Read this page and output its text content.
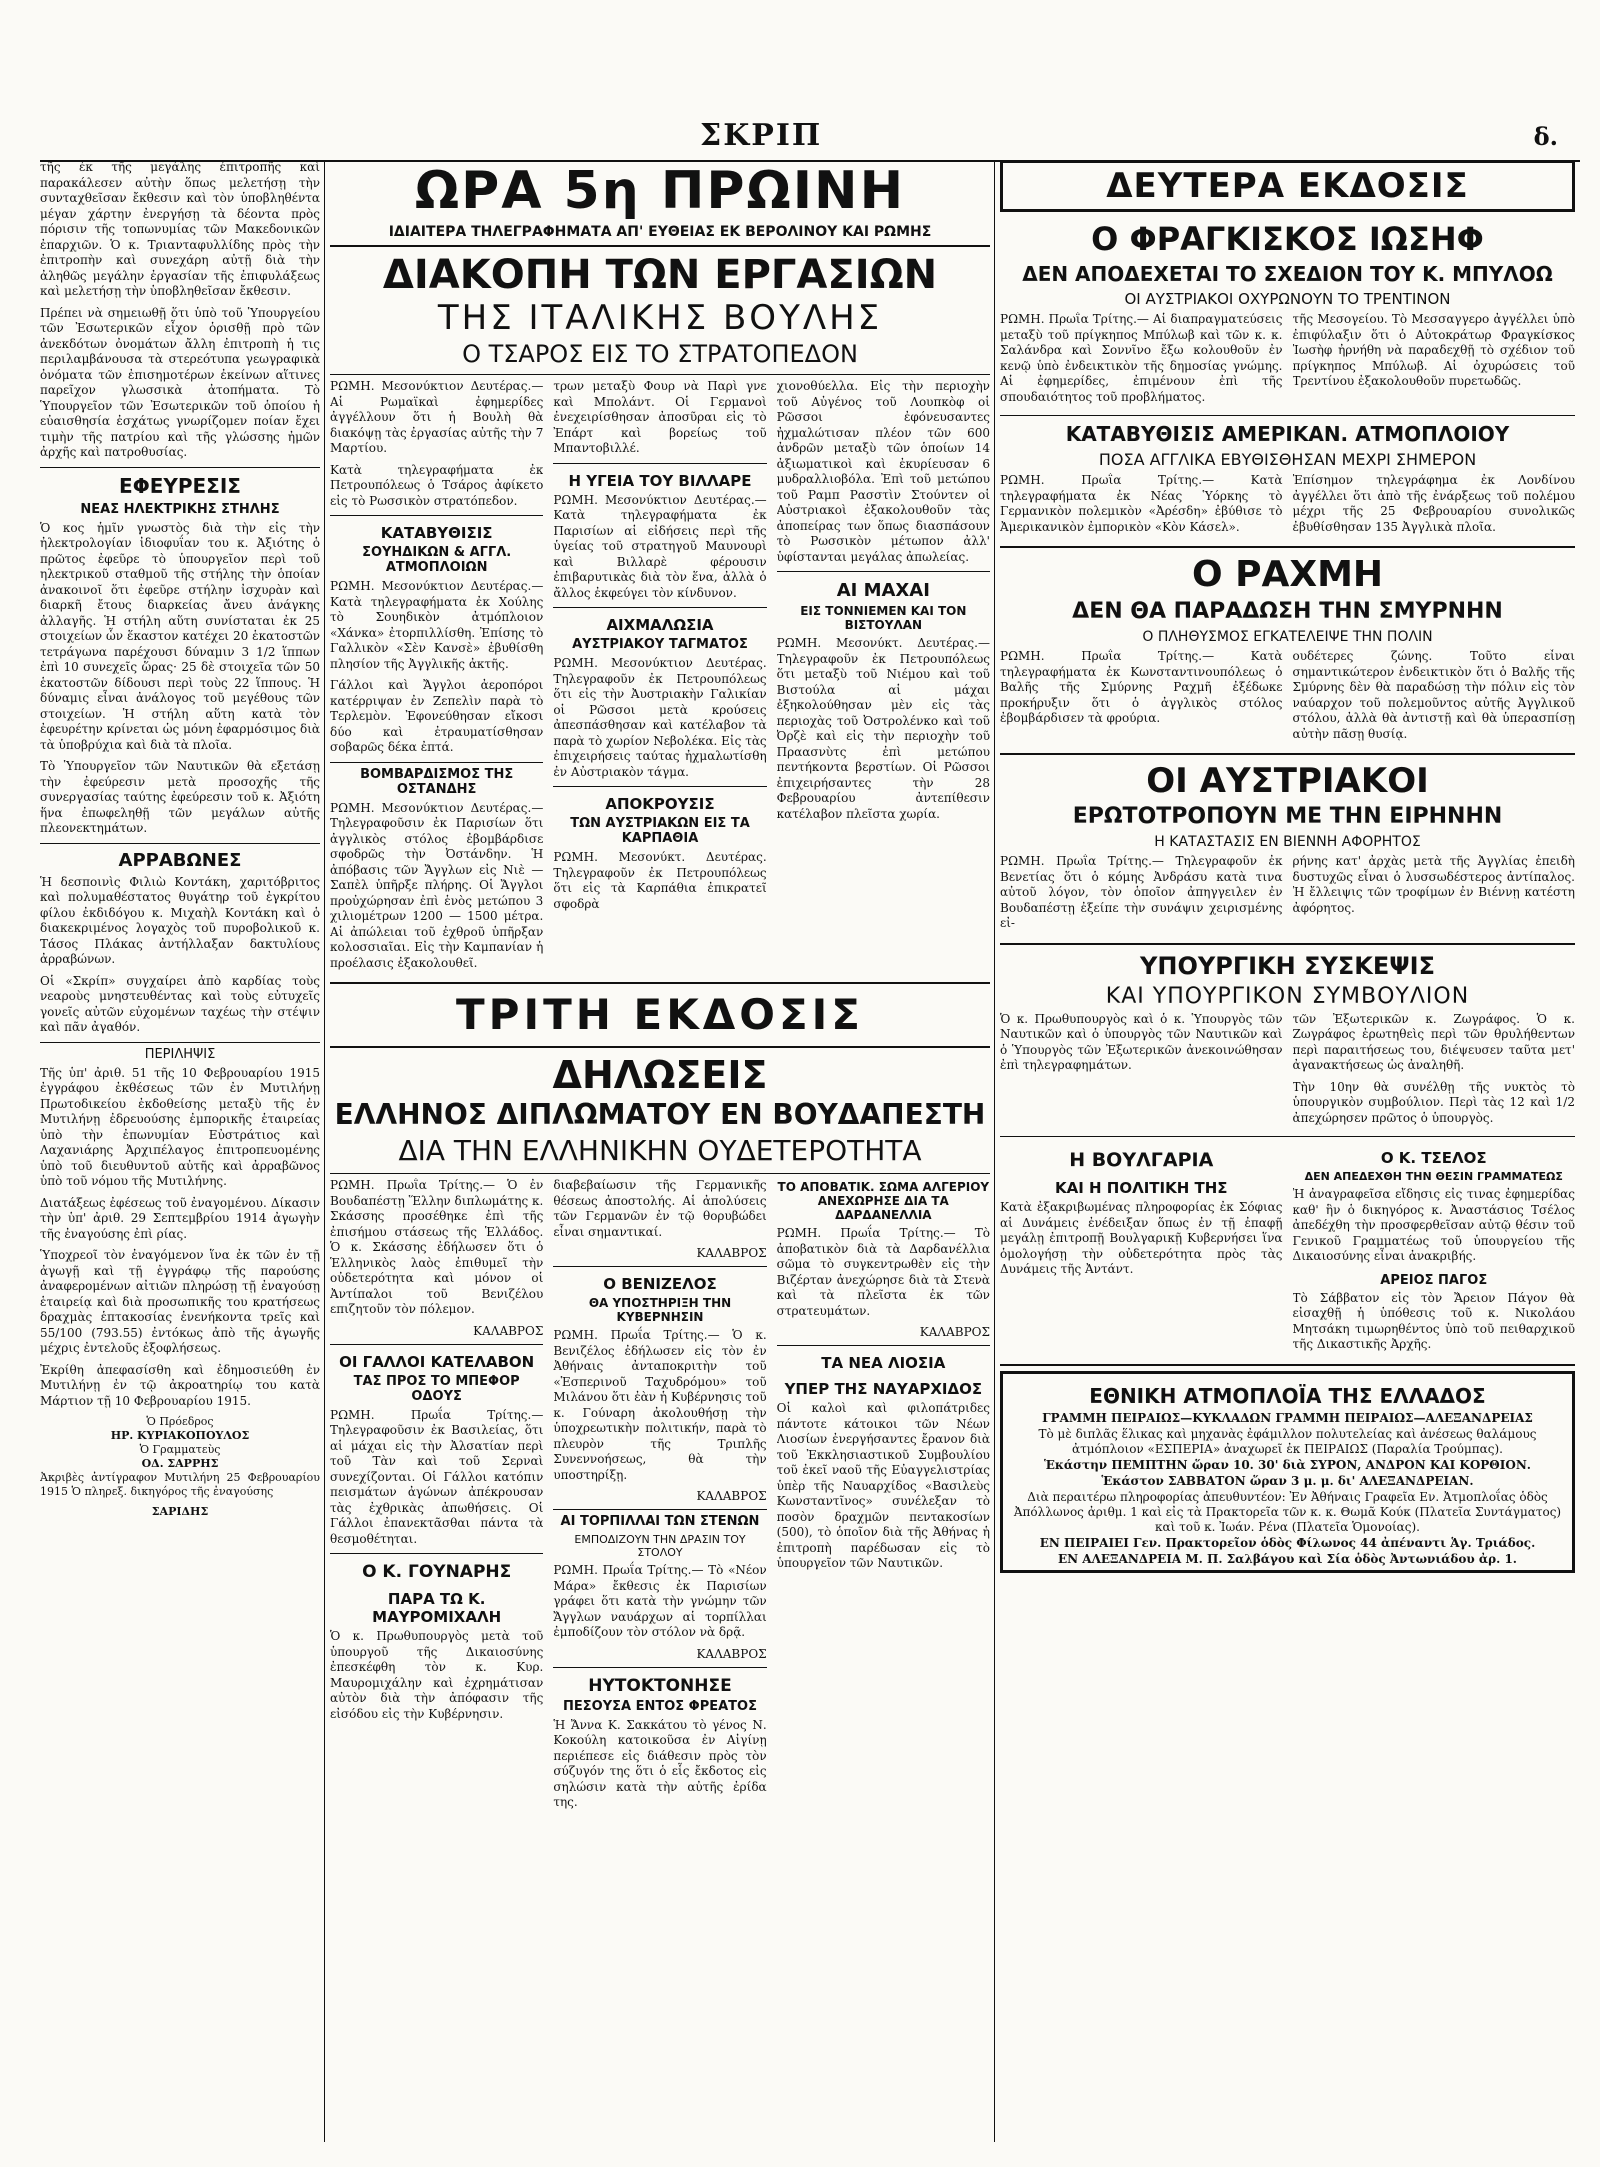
ΣΚΡΙΠ	δ.

τῆς ἐκ τῆς μεγάλης ἐπιτροπῆς καὶ παρακάλεσεν αὐτὴν ὅπως μελετήσῃ τὴν συνταχθεῖσαν ἔκθεσιν καὶ τὸν ὑποβληθέντα μέγαν χάρτην ἐνεργήσῃ τὰ δέοντα πρὸς πόρισιν τῆς τοπωνυμίας τῶν Μακεδονικῶν ἐπαρχιῶν. Ὁ κ. Τριανταφυλλίδης πρὸς τὴν ἐπιτροπὴν καὶ συνεχάρη αὐτῇ διὰ τὴν ἀληθῶς μεγάλην ἐργασίαν τῆς ἐπιφυλάξεως καὶ μελετήσῃ τὴν ὑποβληθεῖσαν ἔκθεσιν.

Πρέπει νὰ σημειωθῇ ὅτι ὑπὸ τοῦ Ὑπουργείου τῶν Ἐσωτερικῶν εἶχον ὁρισθῇ πρὸ τῶν ἀνεκδότων ὀνομάτων ἄλλη ἐπιτροπὴ ἡ τις περιλαμβάνουσα τὰ στερεότυπα γεωγραφικὰ ὀνόματα τῶν ἐπισημοτέρων ἐκείνων αἵτινες παρεῖχον γλωσσικὰ ἀτοπήματα. Τὸ Ὑπουργεῖον τῶν Ἐσωτερικῶν τοῦ ὁποίου ἡ εὐαισθησία ἐσχάτως γνωρίζομεν ποίαν ἔχει τιμὴν τῆς πατρίου καὶ τῆς γλώσσης ἠμῶν ἀρχῆς καὶ πατροθυσίας.

ΕΦΕΥΡΕΣΙΣ
ΝΕΑΣ ΗΛΕΚΤΡΙΚΗΣ ΣΤΗΛΗΣ

Ὁ κος ἡμῖν γνωστὸς διὰ τὴν εἰς τὴν ἠλεκτρολογίαν ἰδιοφυΐαν του κ. Ἀξιότης ὁ πρῶτος ἐφεῦρε τὸ ὑπουργεῖον περὶ τοῦ ηλεκτρικοῦ σταθμοῦ τῆς στήλης τὴν ὁποίαν ἀνακοινοῖ ὅτι ἐφεῦρε στήλην ἰσχυρὰν καὶ διαρκῆ ἔτους διαρκείας ἄνευ ἀνάγκης ἀλλαγῆς. Ἡ στήλη αὕτη συνίσταται ἐκ 25 στοιχείων ὧν ἕκαστον κατέχει 20 ἑκατοστῶν τετράγωνα παρέχουσι δύναμιν 3 1/2 ἵππων ἐπὶ 10 συνεχεῖς ὥρας· 25 δὲ στοιχεῖα τῶν 50 ἑκατοστῶν δίδουσι περὶ τοὺς 22 ἵππους. Ἡ δύναμις εἶναι ἀνάλογος τοῦ μεγέθους τῶν στοιχείων. Ἡ στήλη αὕτη κατὰ τὸν ἐφευρέτην κρίνεται ὡς μόνη ἐφαρμόσιμος διὰ τὰ ὑποβρύχια καὶ διὰ τὰ πλοῖα.

Τὸ Ὑπουργεῖον τῶν Ναυτικῶν θὰ εξετάσῃ τὴν ἐφεύρεσιν μετὰ προσοχῆς τῆς συνεργασίας ταύτης ἐφεύρεσιν τοῦ κ. Ἀξιότη ἥνα ἐπωφεληθῇ τῶν μεγάλων αὐτῆς πλεονεκτημάτων.

ΑΡΡΑΒΩΝΕΣ

Ἡ δεσποινὶς Φιλιὼ Κοντάκη, χαριτόβριτος καὶ πολυμαθέστατος θυγάτηρ τοῦ ἐγκρίτου φίλου ἐκδιδόγου κ. Μιχαὴλ Κοντάκη καὶ ὁ διακεκριμένος λογαχὸς τοῦ πυροβολικοῦ κ. Τάσος Πλάκας ἀντήλλαξαν δακτυλίους ἀρραβώνων.

Οἱ «Σκρίπ» συγχαίρει ἀπὸ καρδίας τοὺς νεαροὺς μνηστευθέντας καὶ τοὺς εὐτυχεῖς γονεῖς αὐτῶν εὐχομένων ταχέως τὴν στέψιν καὶ πᾶν ἀγαθόν.

ΠΕΡΙΛΗΨΙΣ

Τῆς ὑπ' ἀριθ. 51 τῆς 10 Φεβρουαρίου 1915 ἐγγράφου ἐκθέσεως τῶν ἐν Μυτιλήνῃ Πρωτοδικείου ἐκδοθείσης μεταξὺ τῆς ἐν Μυτιλήνῃ ἐδρευούσης ἐμπορικῆς ἑταιρείας ὑπὸ τὴν ἐπωνυμίαν Εὐστράτιος καὶ Λαχανιάρης Ἀρχιπέλαγος ἐπιτροπευομένης ὑπὸ τοῦ διευθυντοῦ αὐτῆς καὶ ἀρραβῶνος ὑπὸ τοῦ νόμου τῆς Μυτιλήνης.

Διατάξεως ἐφέσεως τοῦ ἐναγομένου. Δίκασιν τὴν ὑπ' ἀριθ. 29 Σεπτεμβρίου 1914 ἀγωγὴν τῆς ἐναγούσης ἐπὶ ρίας.

Ὑποχρεοῖ τὸν ἐναγόμενον ἵνα ἐκ τῶν ἐν τῇ ἀγωγῇ καὶ τῇ ἐγγράφῳ τῆς παρούσης ἀναφερομένων αἰτιῶν πληρώσῃ τῇ ἐναγούσῃ ἑταιρείᾳ καὶ διὰ προσωπικῆς του κρατήσεως δραχμὰς ἑπτακοσίας ἐνενήκοντα τρεῖς καὶ 55/100 (793.55) ἐντόκως ἀπὸ τῆς ἀγωγῆς μέχρις ἐντελοῦς ἐξοφλήσεως.

Ἐκρίθη ἀπεφασίσθη καὶ ἐδημοσιεύθη ἐν Μυτιλήνῃ ἐν τῷ ἀκροατηρίῳ του κατὰ Μάρτιον τῇ 10 Φεβρουαρίου 1915.

Ὁ Πρόεδρος
ΗΡ. ΚΥΡΙΑΚΟΠΟΥΛΟΣ
Ὁ Γραμματεὺς
ΟΔ. ΣΑΡΡΗΣ

Ἀκριβὲς ἀντίγραφον Μυτιλήνη 25 Φεβρουαρίου 1915 Ὁ πληρεξ. δικηγόρος τῆς ἐναγούσης

ΣΑΡΙΔΗΣ
ΩΡΑ 5η ΠΡΩΙΝΗ
ΙΔΙΑΙΤΕΡΑ ΤΗΛΕΓΡΑΦΗΜΑΤΑ ΑΠ' ΕΥΘΕΙΑΣ ΕΚ ΒΕΡΟΛΙΝΟΥ ΚΑΙ ΡΩΜΗΣ
ΔΙΑΚΟΠΗ ΤΩΝ ΕΡΓΑΣΙΩΝ
ΤΗΣ ΙΤΑΛΙΚΗΣ ΒΟΥΛΗΣ
Ο ΤΣΑΡΟΣ ΕΙΣ ΤΟ ΣΤΡΑΤΟΠΕΔΟΝ

ΡΩΜΗ. Μεσονύκτιον Δευτέρας.— Αἱ Ρωμαϊκαὶ ἐφημερίδες ἀγγέλλουν ὅτι ἡ Βουλὴ θὰ διακόψῃ τὰς ἐργασίας αὐτῆς τὴν 7 Μαρτίου.

Κατὰ τηλεγραφήματα ἐκ Πετρουπόλεως ὁ Τσάρος ἀφίκετο εἰς τὸ Ρωσσικὸν στρατόπεδον.

ΚΑΤΑΒΥΘΙΣΙΣ
ΣΟΥΗΔΙΚΩΝ & ΑΓΓΛ. ΑΤΜΟΠΛΟΙΩΝ

ΡΩΜΗ. Μεσονύκτιον Δευτέρας.— Κατὰ τηλεγραφήματα ἐκ Χούλης τὸ Σουηδικὸν ἀτμόπλοιον «Χάνκα» ἐτορπιλλίσθη. Ἐπίσης τὸ Γαλλικὸν «Σὲν Κανσὲ» ἐβυθίσθη πλησίον τῆς Ἀγγλικῆς ἀκτῆς.

Γάλλοι καὶ Ἄγγλοι ἀεροπόροι κατέρριψαν ἐν Ζεπελὶν παρὰ τὸ Τερλεμὸν. Ἐφονεύθησαν εἴκοσι δύο καὶ ἐτραυματίσθησαν σοβαρῶς δέκα ἐπτά.

ΒΟΜΒΑΡΔΙΣΜΟΣ ΤΗΣ ΟΣΤΑΝΔΗΣ

ΡΩΜΗ. Μεσονύκτιον Δευτέρας.— Τηλεγραφοῦσιν ἐκ Παρισίων ὅτι ἀγγλικὸς στόλος ἐβομβάρδισε σφοδρῶς τὴν Ὀστάνδην. Ἡ ἀπόβασις τῶν Ἄγγλων εἰς Νιὲ — Σαπὲλ ὑπῆρξε πλήρης. Οἱ Ἄγγλοι προὐχώρησαν ἐπὶ ἑνὸς μετώπου 3 χιλιομέτρων 1200 — 1500 μέτρα. Αἱ ἀπώλειαι τοῦ ἐχθροῦ ὑπῆρξαν κολοσσιαῖαι. Εἰς τὴν Καμπανίαν ἡ προέλασις ἐξακολουθεῖ.

τρων μεταξὺ Φουρ νὰ Παρὶ γνε καὶ Μπολάντ. Οἱ Γερμανοὶ ἐνεχειρίσθησαν ἀποσῦραι εἰς τὸ Ἐπάρτ καὶ βορείως τοῦ Μπαντοβιλλέ.

Η ΥΓΕΙΑ ΤΟΥ ΒΙΛΛΑΡΕ

ΡΩΜΗ. Μεσονύκτιον Δευτέρας.— Κατὰ τηλεγραφήματα ἐκ Παρισίων αἱ εἰδήσεις περὶ τῆς ὑγείας τοῦ στρατηγοῦ Μαυνουρὶ καὶ Βιλλαρὲ φέρουσιν ἐπιβαρυτικὰς διὰ τὸν ἕνα, ἀλλὰ ὁ ἄλλος ἐκφεύγει τὸν κίνδυνον.

ΑΙΧΜΑΛΩΣΙΑ
ΑΥΣΤΡΙΑΚΟΥ ΤΑΓΜΑΤΟΣ

ΡΩΜΗ. Μεσονύκτιον Δευτέρας. Τηλεγραφοῦν ἐκ Πετρουπόλεως ὅτι εἰς τὴν Ἀυστριακὴν Γαλικίαν οἱ Ρῶσσοι μετὰ κρούσεις ἀπεσπάσθησαν καὶ κατέλαβον τὰ παρὰ τὸ χωρίον Νεβολέκα. Εἰς τὰς ἐπιχειρήσεις ταύτας ἠχμαλωτίσθη ἐν Αὐστριακὸν τάγμα.

ΑΠΟΚΡΟΥΣΙΣ
ΤΩΝ ΑΥΣΤΡΙΑΚΩΝ ΕΙΣ ΤΑ ΚΑΡΠΑΘΙΑ

ΡΩΜΗ. Μεσονύκτ. Δευτέρας. Τηλεγραφοῦν ἐκ Πετρουπόλεως ὅτι εἰς τὰ Καρπάθια ἐπικρατεῖ σφοδρὰ

χιονοθύελλα. Εἰς τὴν περιοχὴν τοῦ Αὐγένος τοῦ Λουπκὸφ οἱ Ρῶσσοι ἐφόνευσαντες ἠχμαλώτισαν πλέον τῶν 600 ἀνδρῶν μεταξὺ τῶν ὁποίων 14 ἀξιωματικοὶ καὶ ἐκυρίευσαν 6 μυδραλλιοβόλα. Ἐπὶ τοῦ μετώπου τοῦ Ραμπ Ρασστὶν Στούντεν οἱ Αὐστριακοὶ ἐξακολουθοῦν τὰς ἀποπείρας των ὅπως διασπάσουν τὸ Ρωσσικὸν μέτωπον ἀλλ' ὑφίστανται μεγάλας ἀπωλείας.

ΑΙ ΜΑΧΑΙ
ΕΙΣ ΤΟΝΝΙΕΜΕΝ ΚΑΙ ΤΟΝ ΒΙΣΤΟΥΛΑΝ

ΡΩΜΗ. Μεσονύκτ. Δευτέρας.— Τηλεγραφοῦν ἐκ Πετρουπόλεως ὅτι μεταξὺ τοῦ Νιέμου καὶ τοῦ Βιστούλα αἱ μάχαι ἐξηκολούθησαν μὲν εἰς τὰς περιοχὰς τοῦ Ὀστρολένκο καὶ τοῦ Ὀρζὲ καὶ εἰς τὴν περιοχὴν τοῦ Πραασνὺτς ἐπὶ μετώπου πεντήκοντα βερστίων. Οἱ Ρῶσσοι ἐπιχειρήσαντες τὴν 28 Φεβρουαρίου ἀντεπίθεσιν κατέλαβον πλεῖστα χωρία.

ΤΡΙΤΗ ΕΚΔΟΣΙΣ
ΔΗΛΩΣΕΙΣ
ΕΛΛΗΝΟΣ ΔΙΠΛΩΜΑΤΟΥ ΕΝ ΒΟΥΔΑΠΕΣΤΗ
ΔΙΑ ΤΗΝ ΕΛΛΗΝΙΚΗΝ ΟΥΔΕΤΕΡΟΤΗΤΑ

ΡΩΜΗ. Πρωΐα Τρίτης.— Ὁ ἐν Βουδαπέστῃ Ἕλλην διπλωμάτης κ. Σκάσσης προσέθηκε ἐπὶ τῆς ἐπισήμου στάσεως τῆς Ἑλλάδος. Ὁ κ. Σκάσσης ἐδήλωσεν ὅτι ὁ Ἑλληνικὸς λαὸς ἐπιθυμεῖ τὴν οὐδετερότητα καὶ μόνον οἱ Ἀντίπαλοι τοῦ Βενιζέλου επιζητοῦν τὸν πόλεμον.

ΚΑΛΑΒΡΟΣ

ΟΙ ΓΑΛΛΟΙ ΚΑΤΕΛΑΒΟΝ
ΤΑΣ ΠΡΟΣ ΤΟ ΜΠΕΦΟΡ ΟΔΟΥΣ

ΡΩΜΗ. Πρωΐα Τρίτης.— Τηλεγραφοῦσιν ἐκ Βασιλείας, ὅτι αἱ μάχαι εἰς τὴν Ἀλσατίαν περὶ τοῦ Τὰν καὶ τοῦ Σερναὶ συνεχίζονται. Οἱ Γάλλοι κατόπιν πεισμάτων ἀγώνων ἀπέκρουσαν τὰς ἐχθρικὰς ἀπωθήσεις. Οἱ Γάλλοι ἐπανεκτᾶσθαι πάντα τὰ θεσμοθέτηται.

Ο Κ. ΓΟΥΝΑΡΗΣ
ΠΑΡΑ ΤΩ Κ. ΜΑΥΡΟΜΙΧΑΛΗ

Ὁ κ. Πρωθυπουργὸς μετὰ τοῦ ὑπουργοῦ τῆς Δικαιοσύνης ἐπεσκέφθη τὸν κ. Κυρ. Μαυρομιχάλην καὶ ἐχρημάτισαν αὐτὸν διὰ τὴν ἀπόφασιν τῆς εἰσόδου εἰς τὴν Κυβέρνησιν.

διαβεβαίωσιν τῆς Γερμανικῆς θέσεως ἀποστολής. Αἱ ἀπολύσεις τῶν Γερμανῶν ἐν τῷ θορυβώδει εἶναι σημαντικαί.

ΚΑΛΑΒΡΟΣ

Ο ΒΕΝΙΖΕΛΟΣ
ΘΑ ΥΠΟΣΤΗΡΙΞΗ ΤΗΝ ΚΥΒΕΡΝΗΣΙΝ

ΡΩΜΗ. Πρωΐα Τρίτης.— Ὁ κ. Βενιζέλος ἐδήλωσεν εἰς τὸν ἐν Ἀθήναις ἀνταποκριτὴν τοῦ «Ἑσπερινοῦ Ταχυδρόμου» τοῦ Μιλάνου ὅτι ἐὰν ἡ Κυβέρνησις τοῦ κ. Γούναρη ἀκολουθήσῃ τὴν ὑποχρεωτικὴν πολιτικήν, παρὰ τὸ πλευρὸν τῆς Τριπλῆς Συνεννοήσεως, θὰ τὴν υποστηρίξῃ.

ΚΑΛΑΒΡΟΣ

ΑΙ ΤΟΡΠΙΛΛΑΙ ΤΩΝ ΣΤΕΝΩΝ
ΕΜΠΟΔΙΖΟΥΝ ΤΗΝ ΔΡΑΣΙΝ ΤΟΥ ΣΤΟΛΟΥ

ΡΩΜΗ. Πρωΐα Τρίτης.— Τὸ «Νέον Μάρα» ἔκθεσις ἐκ Παρισίων γράφει ὅτι κατὰ τὴν γνώμην τῶν Ἄγγλων ναυάρχων αἱ τορπίλλαι ἐμποδίζουν τὸν στόλον νὰ δρᾷ.

ΚΑΛΑΒΡΟΣ

ΗΥΤΟΚΤΟΝΗΣΕ
ΠΕΣΟΥΣΑ ΕΝΤΟΣ ΦΡΕΑΤΟΣ

Ἡ Ἄννα Κ. Σακκάτου τὸ γένος Ν. Κοκούλη κατοικοῦσα ἐν Αἰγίνῃ περιέπεσε εἰς διάθεσιν πρὸς τὸν σύζυγόν της ὅτι ὁ εἷς ἔκδοτος εἰς σηλώσιν κατὰ τὴν αὐτῆς ἐρίδα της.

ΤΟ ΑΠΟΒΑΤΙΚ. ΣΩΜΑ ΑΛΓΕΡΙΟΥ ΑΝΕΧΩΡΗΣΕ ΔΙΑ ΤΑ ΔΑΡΔΑΝΕΛΛΙΑ

ΡΩΜΗ. Πρωΐα Τρίτης.— Τὸ ἀποβατικὸν διὰ τὰ Δαρδανέλλια σῶμα τὸ συγκεντρωθὲν εἰς τὴν Βιζέρταν ἀνεχώρησε διὰ τὰ Στενὰ καὶ τὰ πλεῖστα ἐκ τῶν στρατευμάτων.

ΚΑΛΑΒΡΟΣ

ΤΑ ΝΕΑ ΛΙΟΣΙΑ
ΥΠΕΡ ΤΗΣ ΝΑΥΑΡΧΙΔΟΣ

Οἱ καλοὶ καὶ φιλοπάτριδες πάντοτε κάτοικοι τῶν Νέων Λιοσίων ἐνεργήσαντες ἔρανον διὰ τοῦ Ἐκκλησιαστικοῦ Συμβουλίου τοῦ ἐκεῖ ναοῦ τῆς Εὐαγγελιστρίας ὑπὲρ τῆς Ναυαρχίδος «Βασιλεὺς Κωνσταντῖνος» συνέλεξαν τὸ ποσὸν δραχμῶν πεντακοσίων (500), τὸ ὁποῖον διὰ τῆς Ἀθήνας ἡ ἐπιτροπὴ παρέδωσαν εἰς τὸ ὑπουργεῖον τῶν Ναυτικῶν.

ΔΕΥΤΕΡΑ ΕΚΔΟΣΙΣ
Ο ΦΡΑΓΚΙΣΚΟΣ ΙΩΣΗΦ
ΔΕΝ ΑΠΟΔΕΧΕΤΑΙ ΤΟ ΣΧΕΔΙΟΝ ΤΟΥ Κ. ΜΠΥΛΟΩ
ΟΙ ΑΥΣΤΡΙΑΚΟΙ ΟΧΥΡΩΝΟΥΝ ΤΟ ΤΡΕΝΤΙΝΟΝ

ΡΩΜΗ. Πρωΐα Τρίτης.— Αἱ διαπραγματεύσεις μεταξὺ τοῦ πρίγκηπος Μπύλωβ καὶ τῶν κ. κ. Σαλάνδρα καὶ Σοννῖνο ἔξω κολουθοῦν ἐν κενῷ ὑπὸ ἐνδεικτικὸν τῆς δημοσίας γνώμης. Αἱ ἐφημερίδες, ἐπιμένουν ἐπὶ τῆς σπουδαιότητος τοῦ προβλήματος.

τῆς Μεσογείου. Τὸ Μεσσαγγερο ἀγγέλλει ὑπὸ ἐπιφύλαξιν ὅτι ὁ Αὐτοκράτωρ Φραγκίσκος Ἰωσὴφ ἠρνήθη νὰ παραδεχθῇ τὸ σχέδιον τοῦ πρίγκηπος Μπύλωβ. Αἱ ὀχυρώσεις τοῦ Τρεντίνου ἐξακολουθοῦν πυρετωδῶς.

ΚΑΤΑΒΥΘΙΣΙΣ ΑΜΕΡΙΚΑΝ. ΑΤΜΟΠΛΟΙΟΥ
ΠΟΣΑ ΑΓΓΛΙΚΑ ΕΒΥΘΙΣΘΗΣΑΝ ΜΕΧΡΙ ΣΗΜΕΡΟΝ

ΡΩΜΗ. Πρωΐα Τρίτης.— Κατὰ τηλεγραφήματα ἐκ Νέας Ὑόρκης τὸ Γερμανικὸν πολεμικὸν «Ἀρέσδη» ἐβύθισε τὸ Ἀμερικανικὸν ἐμπορικὸν «Κὸν Κάσελ».

Ἐπίσημον τηλεγράφημα ἐκ Λονδίνου ἀγγέλλει ὅτι ἀπὸ τῆς ἐνάρξεως τοῦ πολέμου μέχρι τῆς 25 Φεβρουαρίου συνολικῶς ἐβυθίσθησαν 135 Ἀγγλικὰ πλοῖα.

Ο ΡΑΧΜΗ
ΔΕΝ ΘΑ ΠΑΡΑΔΩΣΗ ΤΗΝ ΣΜΥΡΝΗΝ
Ο ΠΛΗΘΥΣΜΟΣ ΕΓΚΑΤΕΛΕΙΨΕ ΤΗΝ ΠΟΛΙΝ

ΡΩΜΗ. Πρωΐα Τρίτης.— Κατὰ τηλεγραφήματα ἐκ Κωνσταντινουπόλεως ὁ Βαλῆς τῆς Σμύρνης Ραχμῆ ἐξέδωκε προκήρυξιν ὅτι ὁ ἀγγλικὸς στόλος ἐβομβάρδισεν τὰ φρούρια.

ουδέτερες ζώνης. Τοῦτο εἶναι σημαντικώτερον ἐνδεικτικὸν ὅτι ὁ Βαλῆς τῆς Σμύρνης δὲν θὰ παραδώσῃ τὴν πόλιν εἰς τὸν ναύαρχον τοῦ πολεμοῦντος αὐτῆς Ἀγγλικοῦ στόλου, ἀλλὰ θὰ ἀντιστῇ καὶ θὰ ὑπερασπίσῃ αὐτὴν πᾶσῃ θυσίᾳ.

ΟΙ ΑΥΣΤΡΙΑΚΟΙ
ΕΡΩΤΟΤΡΟΠΟΥΝ ΜΕ ΤΗΝ ΕΙΡΗΝΗΝ
Η ΚΑΤΑΣΤΑΣΙΣ ΕΝ ΒΙΕΝΝΗ ΑΦΟΡΗΤΟΣ

ΡΩΜΗ. Πρωΐα Τρίτης.— Τηλεγραφοῦν ἐκ Βενετίας ὅτι ὁ κόμης Ἀνδράσυ κατὰ τινα αὐτοῦ λόγον, τὸν ὁποῖον ἀπηγγειλεν ἐν Βουδαπέστῃ ἐξείπε τὴν συνάψιν χειρισμένης εἰ-

ρήνης κατ' ἀρχὰς μετὰ τῆς Ἀγγλίας ἐπειδὴ δυστυχῶς εἶναι ὁ λυσσωδέστερος ἀντίπαλος. Ἡ ἔλλειψις τῶν τροφίμων ἐν Βιέννῃ κατέστη ἀφόρητος.

ΥΠΟΥΡΓΙΚΗ ΣΥΣΚΕΨΙΣ
ΚΑΙ ΥΠΟΥΡΓΙΚΟΝ ΣΥΜΒΟΥΛΙΟΝ

Ὁ κ. Πρωθυπουργὸς καὶ ὁ κ. Ὑπουργὸς τῶν Ναυτικῶν καὶ ὁ ὑπουργὸς τῶν Ναυτικῶν καὶ ὁ Ὑπουργὸς τῶν Ἐξωτερικῶν ἀνεκοινώθησαν ἐπὶ τηλεγραφημάτων.

τῶν Ἐξωτερικῶν κ. Ζωγράφος. Ὁ κ. Ζωγράφος ἐρωτηθεὶς περὶ τῶν θρυλήθεντων περὶ παραιτήσεως του, διέψευσεν ταῦτα μετ' ἀγανακτήσεως ὡς ἀναληθῆ.

Τὴν 10ην θὰ συνέλθῃ τῆς νυκτὸς τὸ ὑπουργικὸν συμβούλιον. Περὶ τὰς 12 καὶ 1/2 ἀπεχώρησεν πρῶτος ὁ ὑπουργὸς.

Η ΒΟΥΛΓΑΡΙΑ
ΚΑΙ Η ΠΟΛΙΤΙΚΗ ΤΗΣ

Κατὰ ἐξακριβωμένας πληροφορίας ἐκ Σόφιας αἱ Δυνάμεις ἐνέδειξαν ὅπως ἐν τῇ ἐπαφῇ μεγάλῃ ἐπιτροπῇ Βουλγαρικῇ Κυβερνήσει ἵνα ὁμολογήσῃ τὴν οὐδετερότητα πρὸς τὰς Δυνάμεις τῆς Ἀντάντ.

Ο Κ. ΤΣΕΛΟΣ
ΔΕΝ ΑΠΕΔΕΧΘΗ ΤΗΝ ΘΕΣΙΝ ΓΡΑΜΜΑΤΕΩΣ

Ἡ ἀναγραφεῖσα εἴδησις εἰς τινας ἐφημερίδας καθ' ἣν ὁ δικηγόρος κ. Ἀναστάσιος Τσέλος ἀπεδέχθη τὴν προσφερθεῖσαν αὐτῷ θέσιν τοῦ Γενικοῦ Γραμματέως τοῦ ὑπουργείου τῆς Δικαιοσύνης εἶναι ἀνακριβής.

ΑΡΕΙΟΣ ΠΑΓΟΣ

Τὸ Σάββατον εἰς τὸν Ἄρειον Πάγον θὰ εἰσαχθῇ ἡ ὑπόθεσις τοῦ κ. Νικολάου Μητσάκη τιμωρηθέντος ὑπὸ τοῦ πειθαρχικοῦ τῆς Δικαστικῆς Ἀρχῆς.

ΕΘΝΙΚΗ ΑΤΜΟΠΛΟΪΑ ΤΗΣ ΕΛΛΑΔΟΣ
ΓΡΑΜΜΗ ΠΕΙΡΑΙΩΣ—ΚΥΚΛΑΔΩΝ ΓΡΑΜΜΗ ΠΕΙΡΑΙΩΣ—ΑΛΕΞΑΝΔΡΕΙΑΣ
Τὸ μὲ διπλᾶς ἕλικας καὶ μηχανὰς ἐφάμιλλον πολυτελείας καὶ ἀνέσεως θαλάμους ἀτμόπλοιον «ΕΣΠΕΡΙΑ» ἀναχωρεῖ ἐκ ΠΕΙΡΑΙΩΣ (Παραλία Τρούμπας).
Ἑκάστην ΠΕΜΠΤΗΝ ὥραν 10. 30' διὰ ΣΥΡΟΝ, ΑΝΔΡΟΝ ΚΑΙ ΚΟΡΘΙΟΝ.
Ἑκάστον ΣΑΒΒΑΤΟΝ ὥραν 3 μ. μ. δι' ΑΛΕΞΑΝΔΡΕΙΑΝ.
Διὰ περαιτέρω πληροφορίας ἀπευθυντέον: Ἐν Ἀθήναις Γραφεῖα Εν. Ἀτμοπλοΐας ὁδὸς Ἀπόλλωνος ἀριθμ. 1 καὶ εἰς τὰ Πρακτορεῖα τῶν κ. κ. Θωμᾶ Κούκ (Πλατεῖα Συντάγματος) καὶ τοῦ κ. Ἰωάν. Ρένα (Πλατεῖα Ὁμονοίας).
ΕΝ ΠΕΙΡΑΙΕΙ Γεν. Πρακτορεῖον ὁδὸς Φίλωνος 44 ἀπέναντι Ἁγ. Τριάδος.
ΕΝ ΑΛΕΞΑΝΔΡΕΙΑ Μ. Π. Σαλβάγου καὶ Σία ὁδὸς Ἀντωνιάδου ἀρ. 1.
